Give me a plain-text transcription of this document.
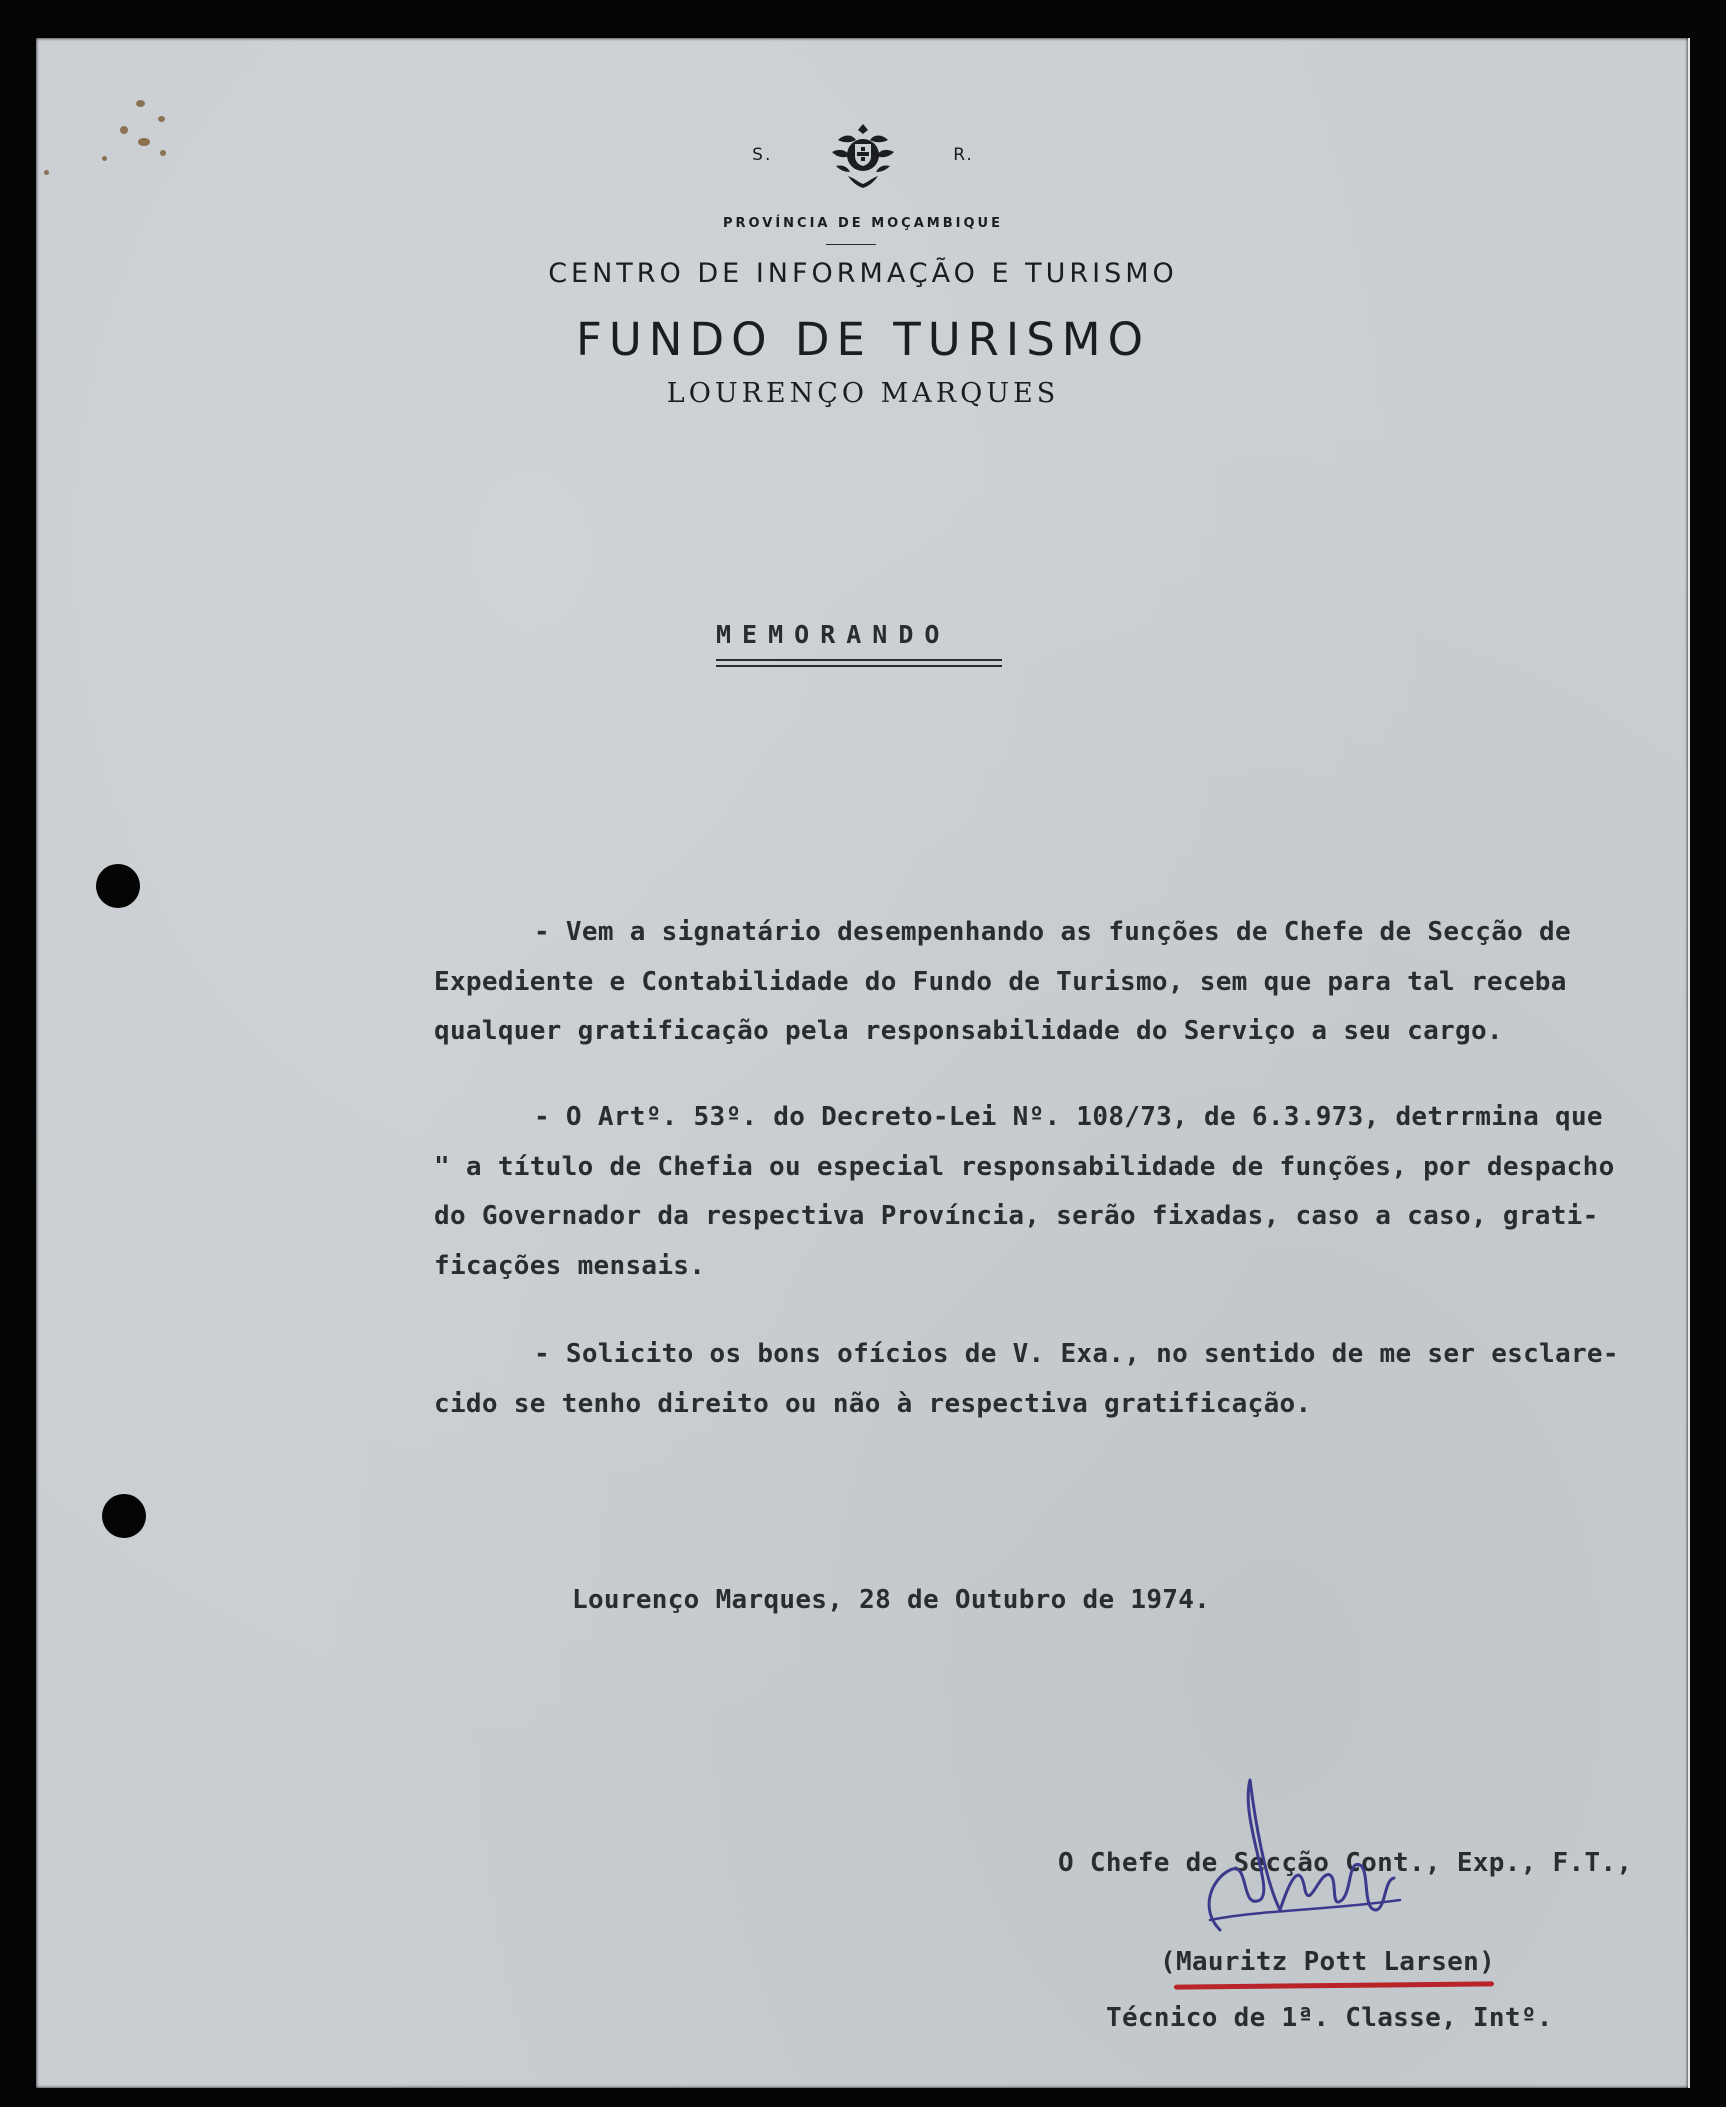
S.	R.
PROVÍNCIA DE MOÇAMBIQUE
CENTRO DE INFORMAÇÃO E TURISMO
FUNDO DE TURISMO
LOURENÇO MARQUES
MEMORANDO
- Vem a signatário desempenhando as funções de Chefe de Secção de
Expediente e Contabilidade do Fundo de Turismo, sem que para tal receba
qualquer gratificação pela responsabilidade do Serviço a seu cargo.
- O Artº. 53º. do Decreto-Lei Nº. 108/73, de 6.3.973, detrrmina que
" a título de Chefia ou especial responsabilidade de funções, por despacho
do Governador da respectiva Província, serão fixadas, caso a caso, grati-
ficações mensais.
- Solicito os bons ofícios de V. Exa., no sentido de me ser esclare-
cido se tenho direito ou não à respectiva gratificação.
Lourenço Marques, 28 de Outubro de 1974.
O Chefe de Secção Cont., Exp., F.T.,
(Mauritz Pott Larsen)
Técnico de 1ª. Classe, Intº.
